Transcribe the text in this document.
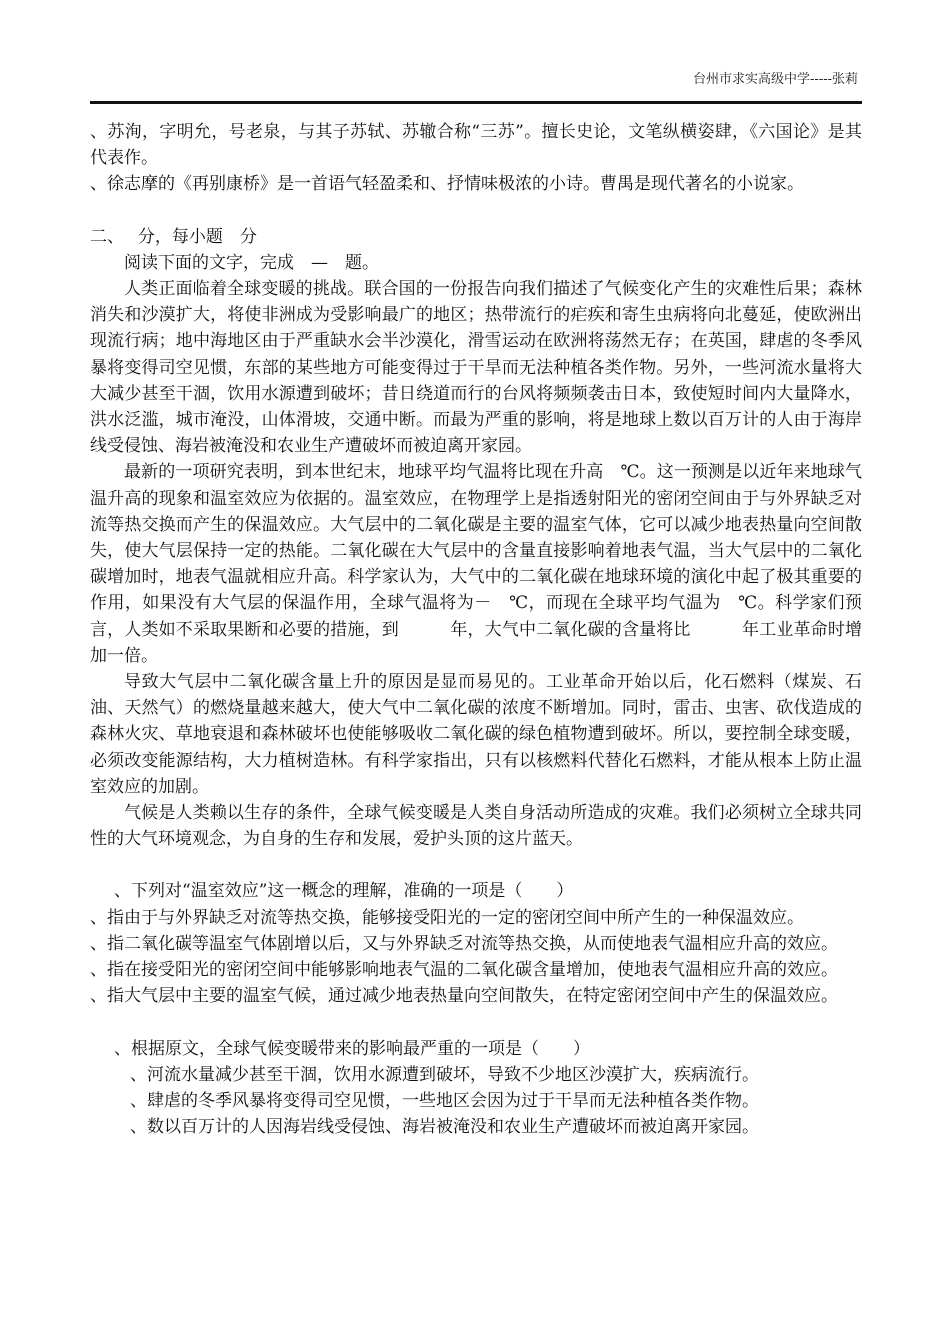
台州市求实高级中学-----张莉

、苏洵，字明允，号老泉，与其子苏轼、苏辙合称“三苏”。擅长史论，文笔纵横姿肆，《六国论》是其代表作。

、徐志摩的《再别康桥》是一首语气轻盈柔和、抒情味极浓的小诗。曹禺是现代著名的小说家。

二、　 分，每小题　分

阅读下面的文字，完成　—　题。

人类正面临着全球变暖的挑战。联合国的一份报告向我们描述了气候变化产生的灾难性后果；森林消失和沙漠扩大，将使非洲成为受影响最广的地区；热带流行的疟疾和寄生虫病将向北蔓延，使欧洲出现流行病；地中海地区由于严重缺水会半沙漠化，滑雪运动在欧洲将荡然无存；在英国，肆虐的冬季风暴将变得司空见惯，东部的某些地方可能变得过于干旱而无法种植各类作物。另外，一些河流水量将大大减少甚至干涸，饮用水源遭到破坏；昔日绕道而行的台风将频频袭击日本，致使短时间内大量降水，洪水泛滥，城市淹没，山体滑坡，交通中断。而最为严重的影响，将是地球上数以百万计的人由于海岸线受侵蚀、海岩被淹没和农业生产遭破坏而被迫离开家园。

最新的一项研究表明，到本世纪末，地球平均气温将比现在升高　℃。这一预测是以近年来地球气温升高的现象和温室效应为依据的。温室效应，在物理学上是指透射阳光的密闭空间由于与外界缺乏对流等热交换而产生的保温效应。大气层中的二氧化碳是主要的温室气体，它可以减少地表热量向空间散失，使大气层保持一定的热能。二氧化碳在大气层中的含量直接影响着地表气温，当大气层中的二氧化碳增加时，地表气温就相应升高。科学家认为，大气中的二氧化碳在地球环境的演化中起了极其重要的作用，如果没有大气层的保温作用，全球气温将为－　℃，而现在全球平均气温为　℃。科学家们预言，人类如不采取果断和必要的措施，到　　　年，大气中二氧化碳的含量将比　　　年工业革命时增加一倍。

导致大气层中二氧化碳含量上升的原因是显而易见的。工业革命开始以后，化石燃料（煤炭、石油、天然气）的燃烧量越来越大，使大气中二氧化碳的浓度不断增加。同时，雷击、虫害、砍伐造成的森林火灾、草地衰退和森林破坏也使能够吸收二氧化碳的绿色植物遭到破坏。所以，要控制全球变暖，必须改变能源结构，大力植树造林。有科学家指出，只有以核燃料代替化石燃料，才能从根本上防止温室效应的加剧。

气候是人类赖以生存的条件，全球气候变暖是人类自身活动所造成的灾难。我们必须树立全球共同性的大气环境观念，为自身的生存和发展，爱护头顶的这片蓝天。

、下列对“温室效应”这一概念的理解，准确的一项是（　　）

、指由于与外界缺乏对流等热交换，能够接受阳光的一定的密闭空间中所产生的一种保温效应。

、指二氧化碳等温室气体剧增以后，又与外界缺乏对流等热交换，从而使地表气温相应升高的效应。

、指在接受阳光的密闭空间中能够影响地表气温的二氧化碳含量增加，使地表气温相应升高的效应。

、指大气层中主要的温室气候，通过减少地表热量向空间散失，在特定密闭空间中产生的保温效应。

、根据原文，全球气候变暖带来的影响最严重的一项是（　　）

、河流水量减少甚至干涸，饮用水源遭到破坏，导致不少地区沙漠扩大，疾病流行。

、肆虐的冬季风暴将变得司空见惯，一些地区会因为过于干旱而无法种植各类作物。

、数以百万计的人因海岩线受侵蚀、海岩被淹没和农业生产遭破坏而被迫离开家园。
